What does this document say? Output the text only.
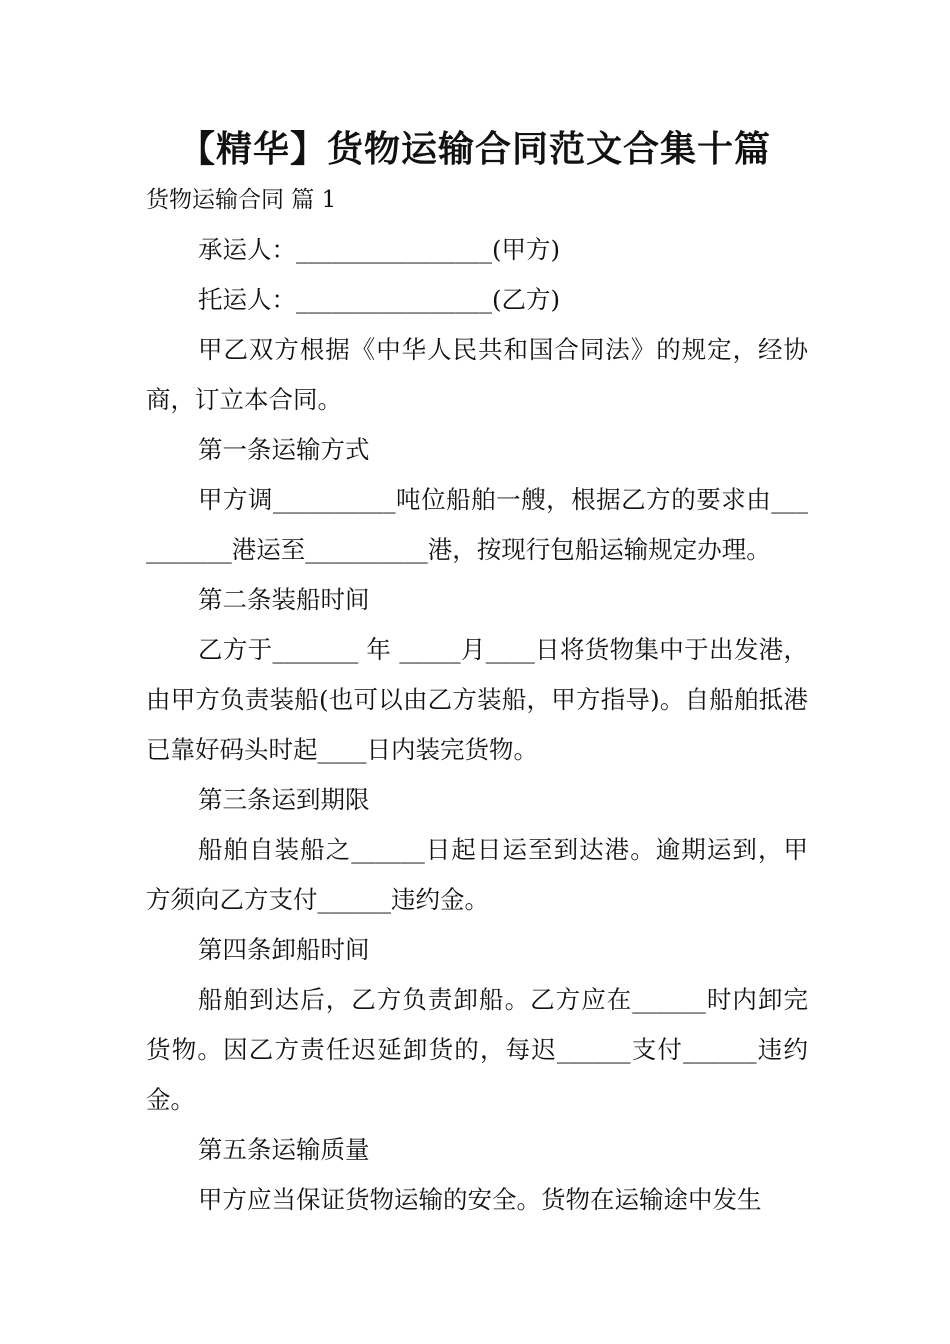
【精华】货物运输合同范文合集十篇
货物运输合同 篇 1

承运人：________________(甲方)

托运人：________________(乙方)

甲乙双方根据《中华人民共和国合同法》的规定，经协商，订立本合同。

第一条运输方式

甲方调__________吨位船舶一艘，根据乙方的要求由__________港运至__________港，按现行包船运输规定办理。

第二条装船时间

乙方于_______ 年 _____月____日将货物集中于出发港，由甲方负责装船(也可以由乙方装船，甲方指导)。自船舶抵港已靠好码头时起____日内装完货物。

第三条运到期限

船舶自装船之______日起日运至到达港。逾期运到，甲方须向乙方支付______违约金。

第四条卸船时间

船舶到达后，乙方负责卸船。乙方应在______时内卸完货物。因乙方责任迟延卸货的，每迟______支付______违约金。

第五条运输质量

甲方应当保证货物运输的安全。货物在运输途中发生
